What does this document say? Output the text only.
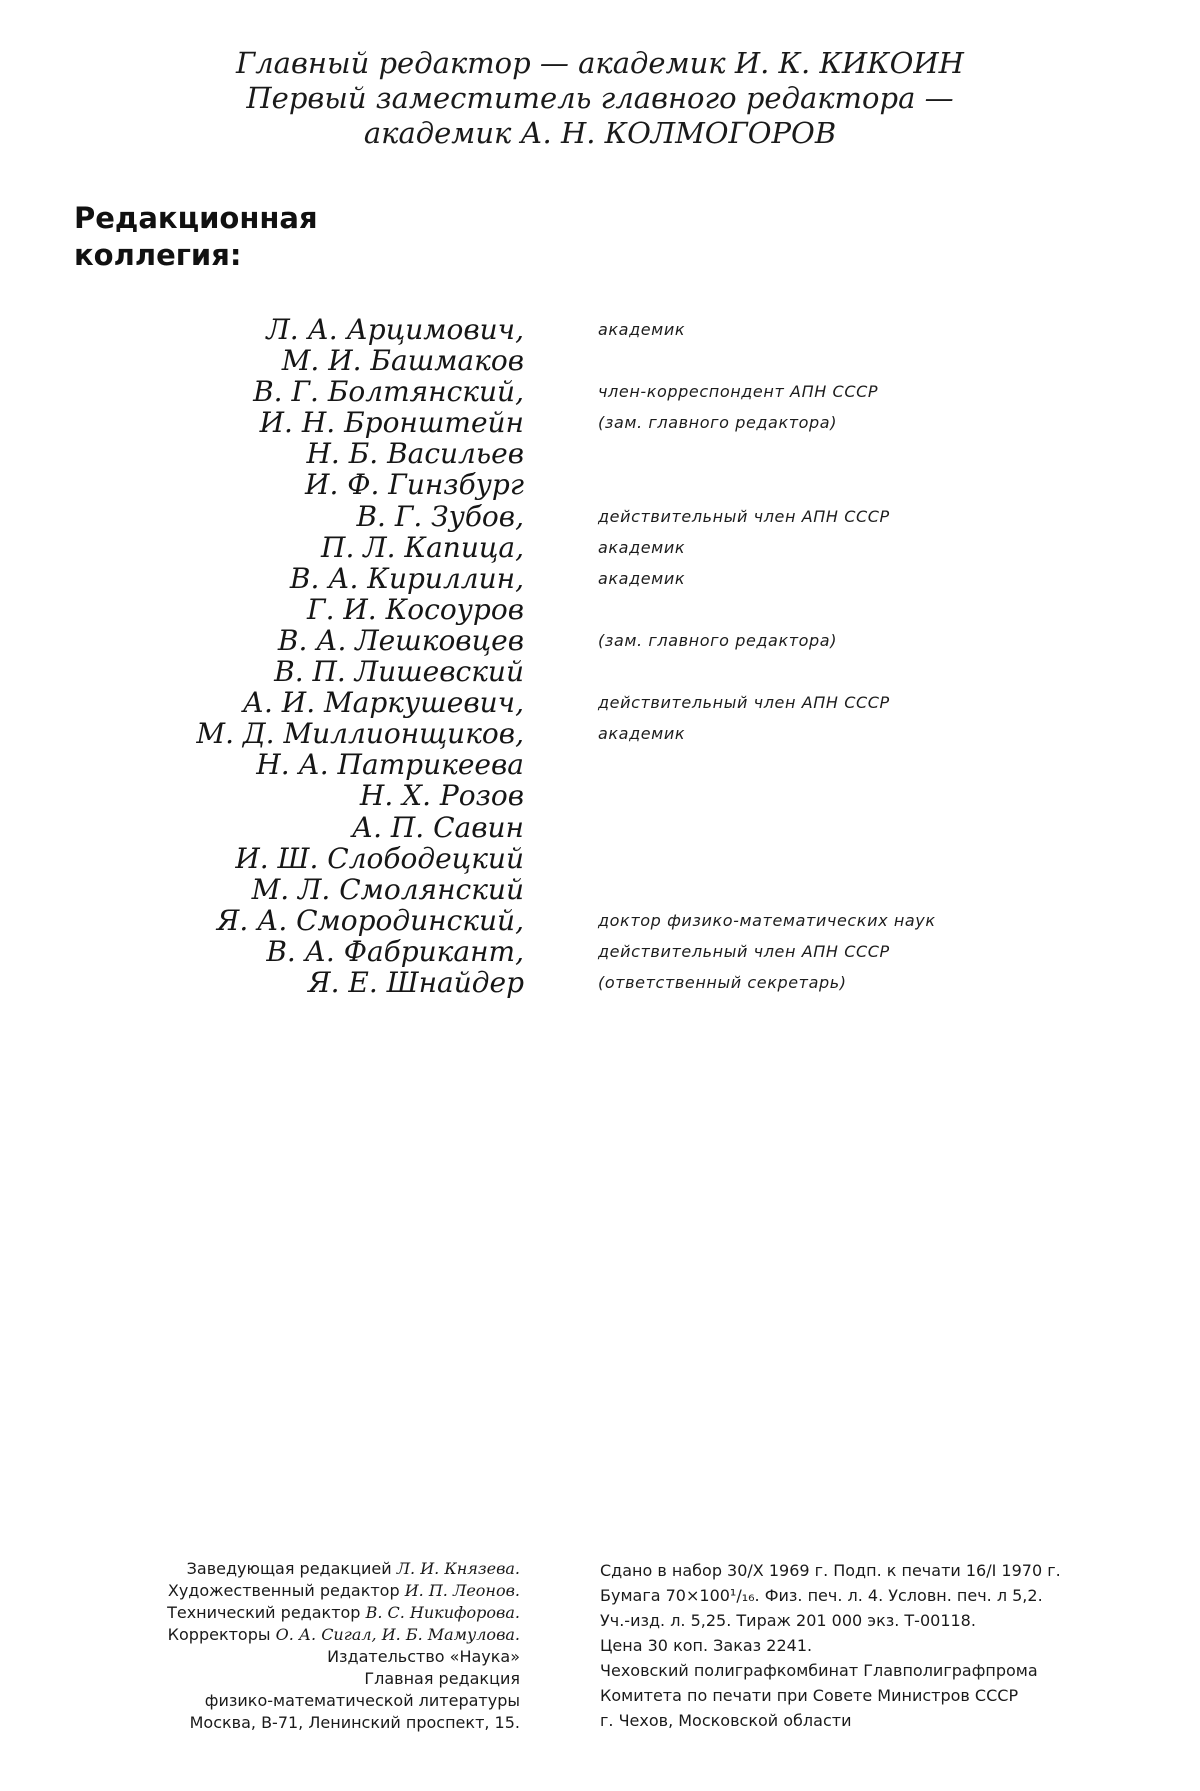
Главный редактор — академик И. К. КИКОИН
Первый заместитель главного редактора —
академик А. Н. КОЛМОГОРОВ
Редакционная
коллегия:
Л. А. Арцимович,	академик
М. И. Башмаков
В. Г. Болтянский,	член-корреспондент АПН СССР
И. Н. Бронштейн	(зам. главного редактора)
Н. Б. Васильев
И. Ф. Гинзбург
В. Г. Зубов,	действительный член АПН СССР
П. Л. Капица,	академик
В. А. Кириллин,	академик
Г. И. Косоуров
В. А. Лешковцев	(зам. главного редактора)
В. П. Лишевский
А. И. Маркушевич,	действительный член АПН СССР
М. Д. Миллионщиков,	академик
Н. А. Патрикеева
Н. Х. Розов
А. П. Савин
И. Ш. Слободецкий
М. Л. Смолянский
Я. А. Смородинский,	доктор физико-математических наук
В. А. Фабрикант,	действительный член АПН СССР
Я. Е. Шнайдер	(ответственный секретарь)
Заведующая редакцией Л. И. Князева.
Художественный редактор И. П. Леонов.
Технический редактор В. С. Никифорова.
Корректоры О. А. Сигал, И. Б. Мамулова.
Издательство «Наука»
Главная редакция
физико-математической литературы
Москва, В-71, Ленинский проспект, 15.
Сдано в набор 30/X 1969 г. Подп. к печати 16/I 1970 г.
Бумага 70×100¹/₁₆. Физ. печ. л. 4. Условн. печ. л 5,2.
Уч.-изд. л. 5,25. Тираж 201 000 экз. Т-00118.
Цена 30 коп. Заказ 2241.
Чеховский полиграфкомбинат Главполиграфпрома
Комитета по печати при Совете Министров СССР
г. Чехов, Московской области
